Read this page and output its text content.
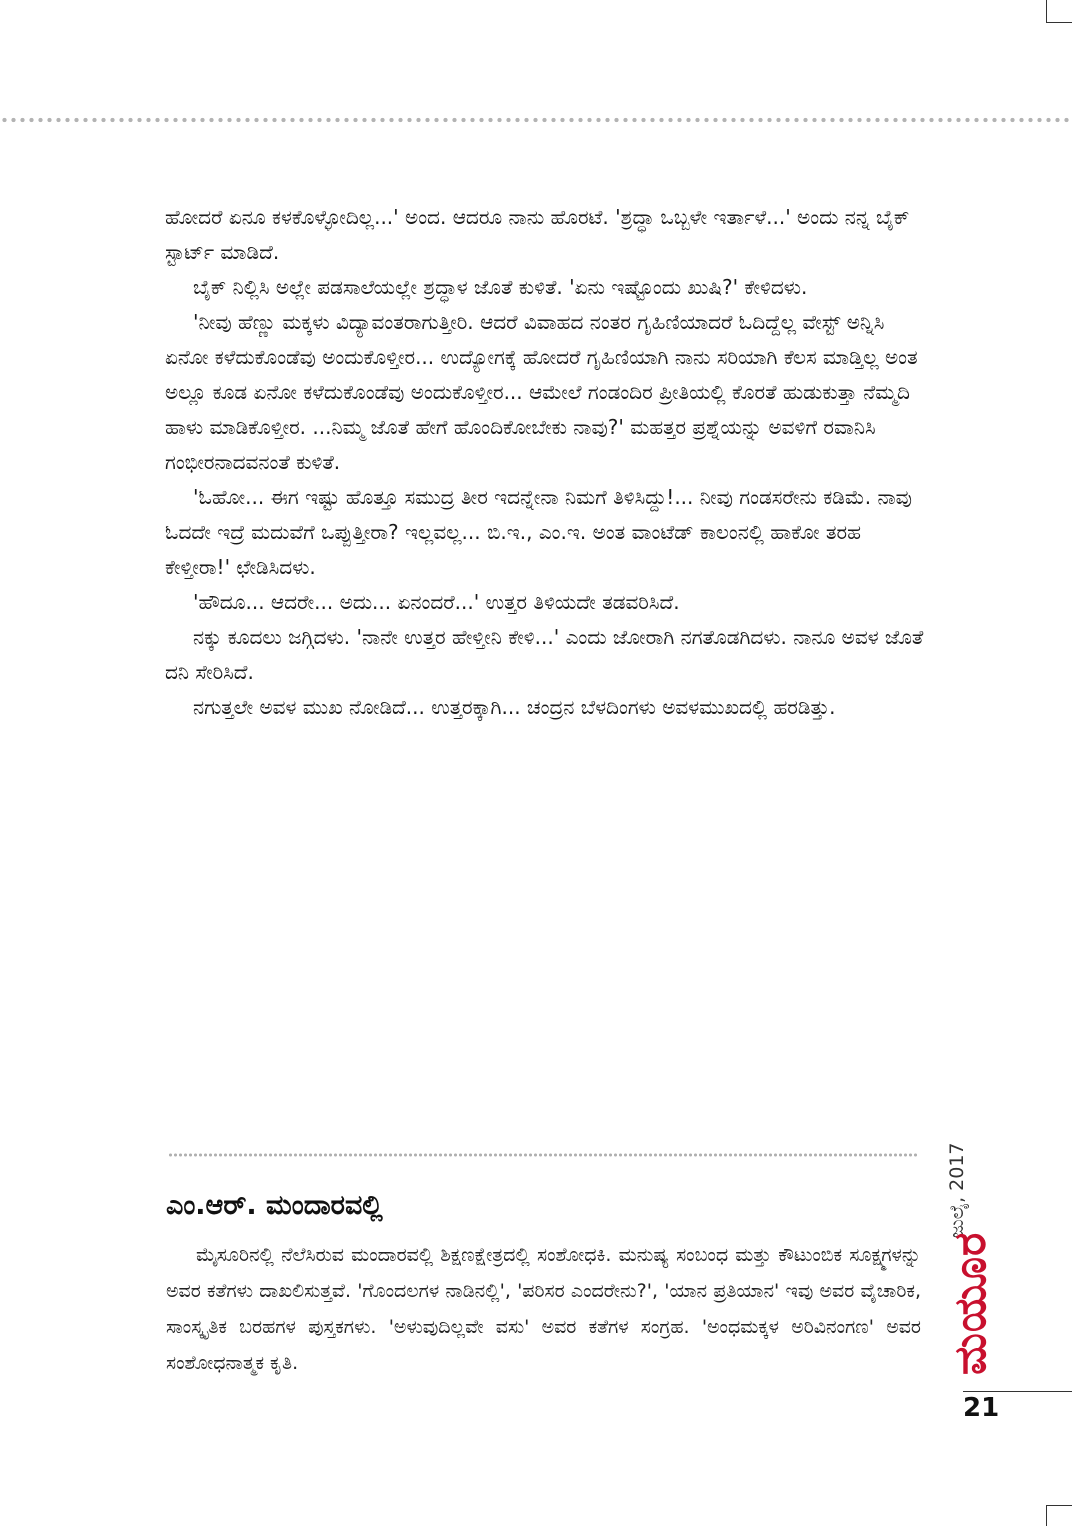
ಹೋದರೆ ಏನೂ ಕಳಕೊಳ್ಳೋದಿಲ್ಲ...' ಅಂದ. ಆದರೂ ನಾನು ಹೊರಟೆ. 'ಶ್ರದ್ಧಾ ಒಬ್ಬಳೇ ಇರ್ತಾಳೆ...' ಅಂದು ನನ್ನ ಬೈಕ್ ಸ್ಟಾರ್ಟ್ ಮಾಡಿದೆ.

ಬೈಕ್ ನಿಲ್ಲಿಸಿ ಅಲ್ಲೇ ಪಡಸಾಲೆಯಲ್ಲೇ ಶ್ರದ್ಧಾಳ ಜೊತೆ ಕುಳಿತೆ. 'ಏನು ಇಷ್ಟೊಂದು ಖುಷಿ?' ಕೇಳಿದಳು.

'ನೀವು ಹೆಣ್ಣು ಮಕ್ಕಳು ವಿದ್ಯಾವಂತರಾಗುತ್ತೀರಿ. ಆದರೆ ವಿವಾಹದ ನಂತರ ಗೃಹಿಣಿಯಾದರೆ ಓದಿದ್ದೆಲ್ಲ ವೇಸ್ಟ್ ಅನ್ನಿಸಿ ಏನೋ ಕಳೆದುಕೊಂಡೆವು ಅಂದುಕೊಳ್ತೀರ... ಉದ್ಯೋಗಕ್ಕೆ ಹೋದರೆ ಗೃಹಿಣಿಯಾಗಿ ನಾನು ಸರಿಯಾಗಿ ಕೆಲಸ ಮಾಡ್ತಿಲ್ಲ ಅಂತ ಅಲ್ಲೂ ಕೂಡ ಏನೋ ಕಳೆದುಕೊಂಡೆವು ಅಂದುಕೊಳ್ತೀರ... ಆಮೇಲೆ ಗಂಡಂದಿರ ಪ್ರೀತಿಯಲ್ಲಿ ಕೊರತೆ ಹುಡುಕುತ್ತಾ ನೆಮ್ಮದಿ ಹಾಳು ಮಾಡಿಕೊಳ್ತೀರ. ...ನಿಮ್ಮ ಜೊತೆ ಹೇಗೆ ಹೊಂದಿಕೋಬೇಕು ನಾವು?' ಮಹತ್ತರ ಪ್ರಶ್ನೆಯನ್ನು ಅವಳಿಗೆ ರವಾನಿಸಿ ಗಂಭೀರನಾದವನಂತೆ ಕುಳಿತೆ.

'ಓಹೋ... ಈಗ ಇಷ್ಟು ಹೊತ್ತೂ ಸಮುದ್ರ ತೀರ ಇದನ್ನೇನಾ ನಿಮಗೆ ತಿಳಿಸಿದ್ದು!... ನೀವು ಗಂಡಸರೇನು ಕಡಿಮೆ. ನಾವು ಓದದೇ ಇದ್ರೆ ಮದುವೆಗೆ ಒಪ್ಪುತ್ತೀರಾ? ಇಲ್ಲವಲ್ಲ... ಬಿ.ಇ., ಎಂ.ಇ. ಅಂತ ವಾಂಟೆಡ್ ಕಾಲಂನಲ್ಲಿ ಹಾಕೋ ತರಹ ಕೇಳ್ತೀರಾ!' ಛೇಡಿಸಿದಳು.

'ಹೌದೂ... ಆದರೇ... ಅದು... ಏನಂದರೆ...' ಉತ್ತರ ತಿಳಿಯದೇ ತಡವರಿಸಿದೆ.

ನಕ್ಕು ಕೂದಲು ಜಗ್ಗಿದಳು. 'ನಾನೇ ಉತ್ತರ ಹೇಳ್ತೀನಿ ಕೇಳಿ...' ಎಂದು ಜೋರಾಗಿ ನಗತೊಡಗಿದಳು. ನಾನೂ ಅವಳ ಜೊತೆ ದನಿ ಸೇರಿಸಿದೆ.

ನಗುತ್ತಲೇ ಅವಳ ಮುಖ ನೋಡಿದೆ... ಉತ್ತರಕ್ಕಾಗಿ... ಚಂದ್ರನ ಬೆಳದಿಂಗಳು ಅವಳಮುಖದಲ್ಲಿ ಹರಡಿತ್ತು.

ಎಂ.ಆರ್. ಮಂದಾರವಲ್ಲಿ

ಮೈಸೂರಿನಲ್ಲಿ ನೆಲೆಸಿರುವ ಮಂದಾರವಲ್ಲಿ ಶಿಕ್ಷಣಕ್ಷೇತ್ರದಲ್ಲಿ ಸಂಶೋಧಕಿ. ಮನುಷ್ಯ ಸಂಬಂಧ ಮತ್ತು ಕೌಟುಂಬಿಕ ಸೂಕ್ಷ್ಮಗಳನ್ನು ಅವರ ಕತೆಗಳು ದಾಖಲಿಸುತ್ತವೆ. 'ಗೊಂದಲಗಳ ನಾಡಿನಲ್ಲಿ', 'ಪರಿಸರ ಎಂದರೇನು?', 'ಯಾನ ಪ್ರತಿಯಾನ' ಇವು ಅವರ ವೈಚಾರಿಕ, ಸಾಂಸ್ಕೃತಿಕ ಬರಹಗಳ ಪುಸ್ತಕಗಳು. 'ಅಳುವುದಿಲ್ಲವೇ ವಸು' ಅವರ ಕತೆಗಳ ಸಂಗ್ರಹ. 'ಅಂಧಮಕ್ಕಳ ಅರಿವಿನಂಗಣ' ಅವರ ಸಂಶೋಧನಾತ್ಮಕ ಕೃತಿ.

ಜುಲೈ, 2017
ಮಯೂರ
21
